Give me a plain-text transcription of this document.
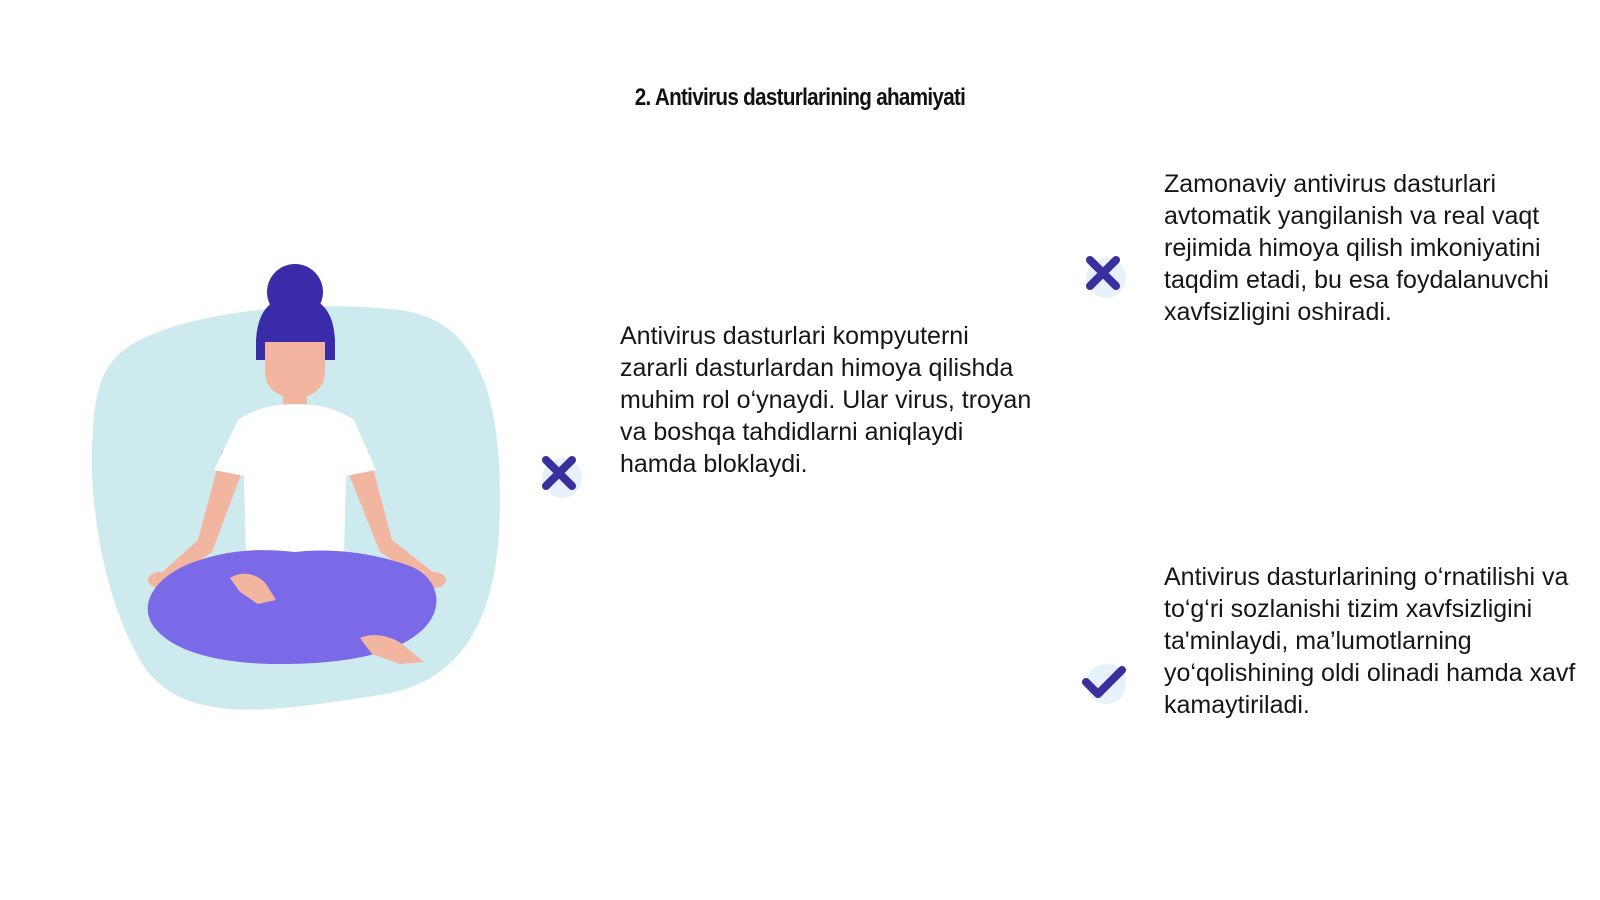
2. Antivirus dasturlarining ahamiyati

Antivirus dasturlari kompyuterni zararli dasturlardan himoya qilishda muhim rol o‘ynaydi. Ular virus, troyan va boshqa tahdidlarni aniqlaydi hamda bloklaydi.

Zamonaviy antivirus dasturlari avtomatik yangilanish va real vaqt rejimida himoya qilish imkoniyatini taqdim etadi, bu esa foydalanuvchi xavfsizligini oshiradi.

Antivirus dasturlarining o‘rnatilishi va to‘g‘ri sozlanishi tizim xavfsizligini ta'minlaydi, ma’lumotlarning yo‘qolishining oldi olinadi hamda xavf kamaytiriladi.
